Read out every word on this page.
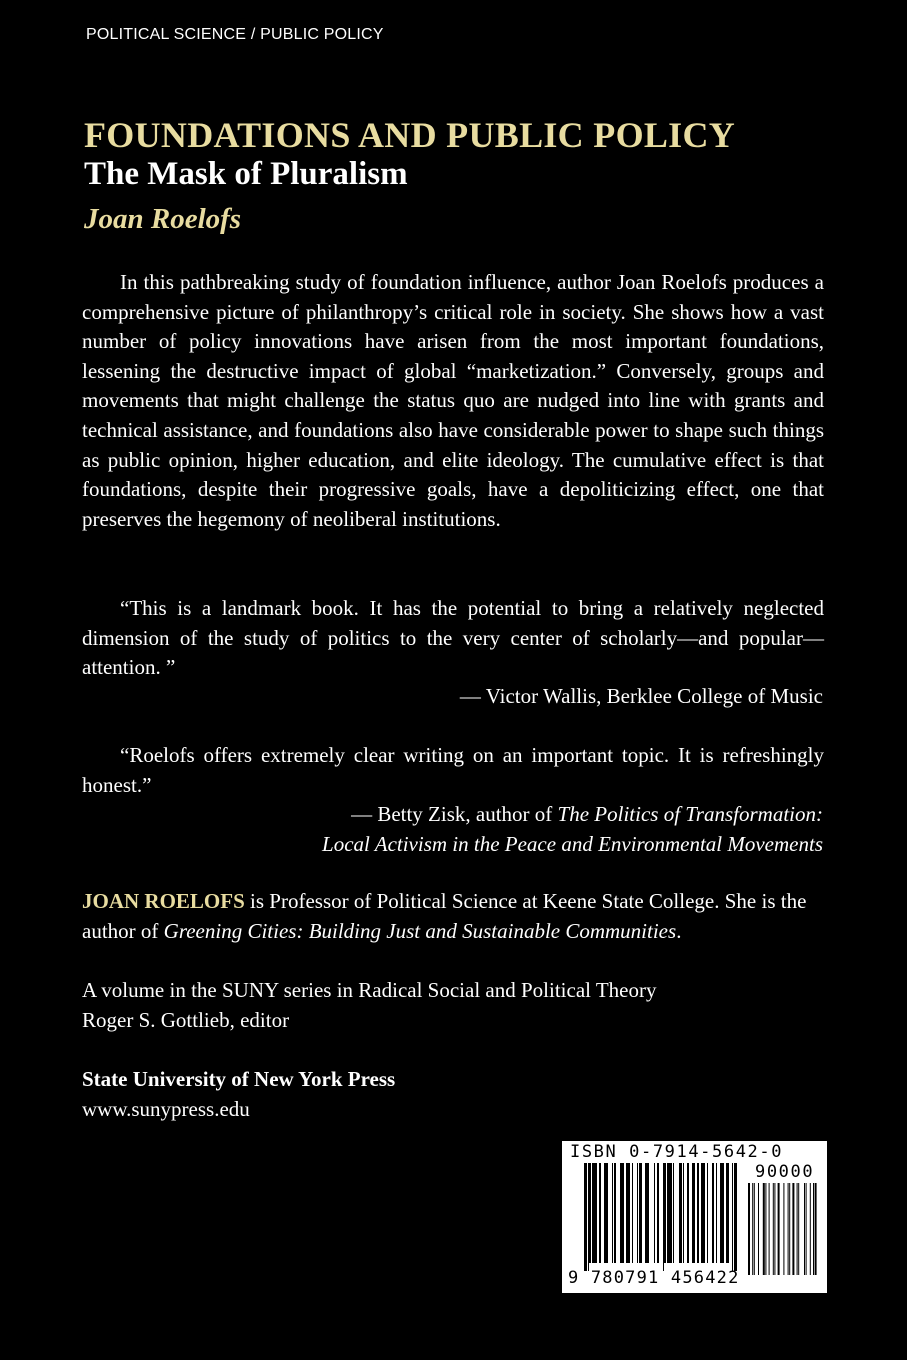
POLITICAL SCIENCE / PUBLIC POLICY
FOUNDATIONS AND PUBLIC POLICY
The Mask of Pluralism
Joan Roelofs

In this pathbreaking study of foundation influence, author Joan Roelofs produces a comprehensive picture of philanthropy’s critical role in society. She shows how a vast number of policy innovations have arisen from the most important foundations, lessening the destructive impact of global “marketization.” Conversely, groups and movements that might challenge the status quo are nudged into line with grants and technical assistance, and foundations also have considerable power to shape such things as public opinion, higher education, and elite ideology. The cumulative effect is that foundations, despite their progressive goals, have a depoliticizing effect, one that preserves the hegemony of neoliberal institutions.

“This is a landmark book. It has the potential to bring a relatively neglected dimension of the study of politics to the very center of scholarly—and popular—attention. ”

— Victor Wallis, Berklee College of Music

“Roelofs offers extremely clear writing on an important topic. It is refreshingly honest.”

— Betty Zisk, author of The Politics of Transformation:
Local Activism in the Peace and Environmental Movements

JOAN ROELOFS is Professor of Political Science at Keene State College. She is the author of Greening Cities: Building Just and Sustainable Communities.

A volume in the SUNY series in Radical Social and Political Theory
Roger S. Gottlieb, editor
State University of New York Press
www.sunypress.edu
ISBN 0-7914-5642-0
90000
9 780791 456422
